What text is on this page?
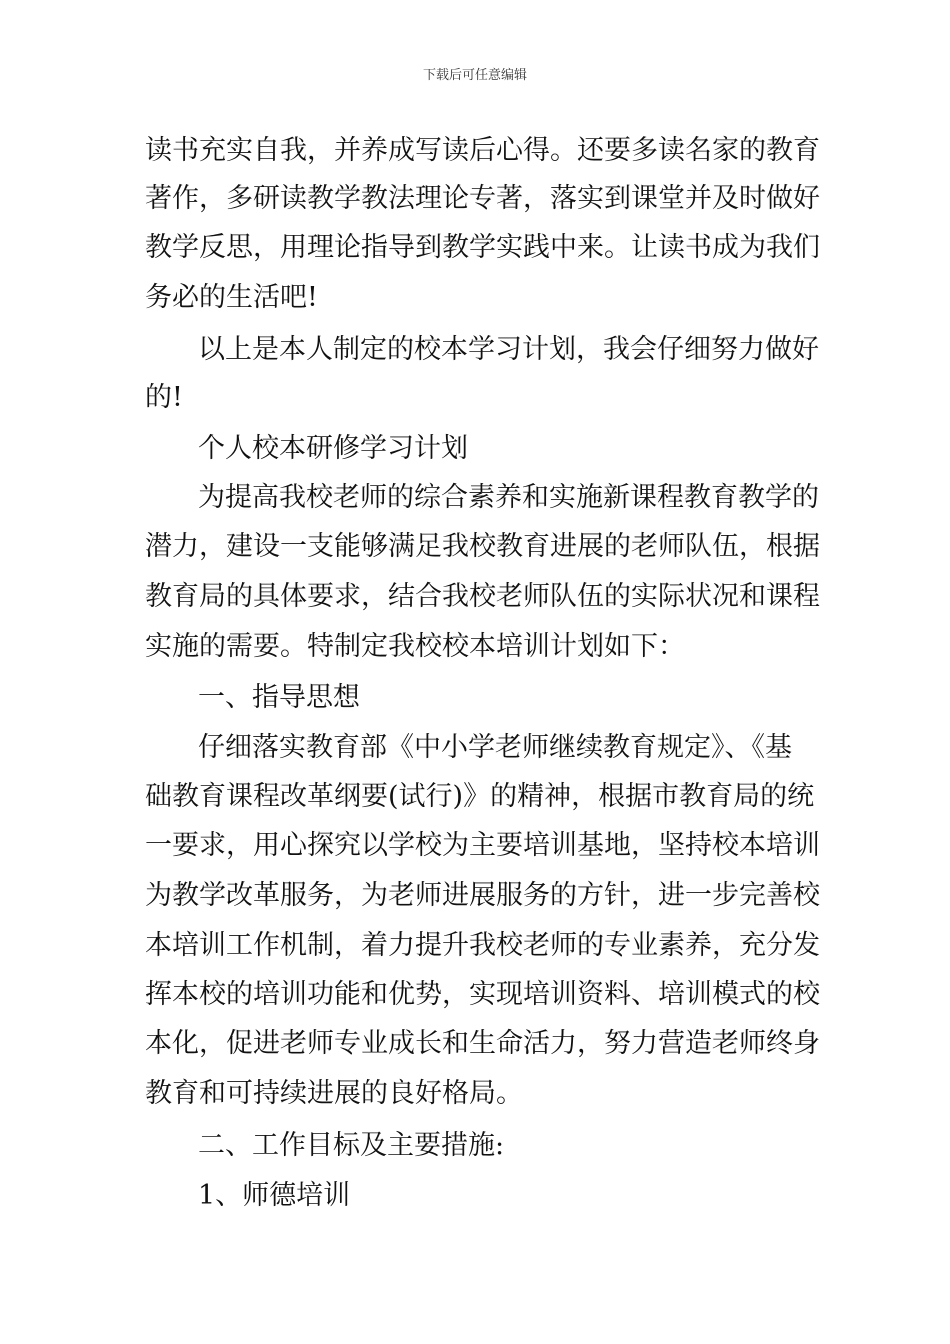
下载后可任意编辑
读书充实自我，并养成写读后心得。还要多读名家的教育
著作，多研读教学教法理论专著，落实到课堂并及时做好
教学反思，用理论指导到教学实践中来。让读书成为我们
务必的生活吧!
以上是本人制定的校本学习计划，我会仔细努力做好
的!
个人校本研修学习计划
为提高我校老师的综合素养和实施新课程教育教学的
潜力，建设一支能够满足我校教育进展的老师队伍，根据
教育局的具体要求，结合我校老师队伍的实际状况和课程
实施的需要。特制定我校校本培训计划如下：
一、指导思想
仔细落实教育部《中小学老师继续教育规定》、《基
础教育课程改革纲要(试行)》的精神，根据市教育局的统
一要求，用心探究以学校为主要培训基地，坚持校本培训
为教学改革服务，为老师进展服务的方针，进一步完善校
本培训工作机制，着力提升我校老师的专业素养，充分发
挥本校的培训功能和优势，实现培训资料、培训模式的校
本化，促进老师专业成长和生命活力，努力营造老师终身
教育和可持续进展的良好格局。
二、工作目标及主要措施:
1、师德培训
